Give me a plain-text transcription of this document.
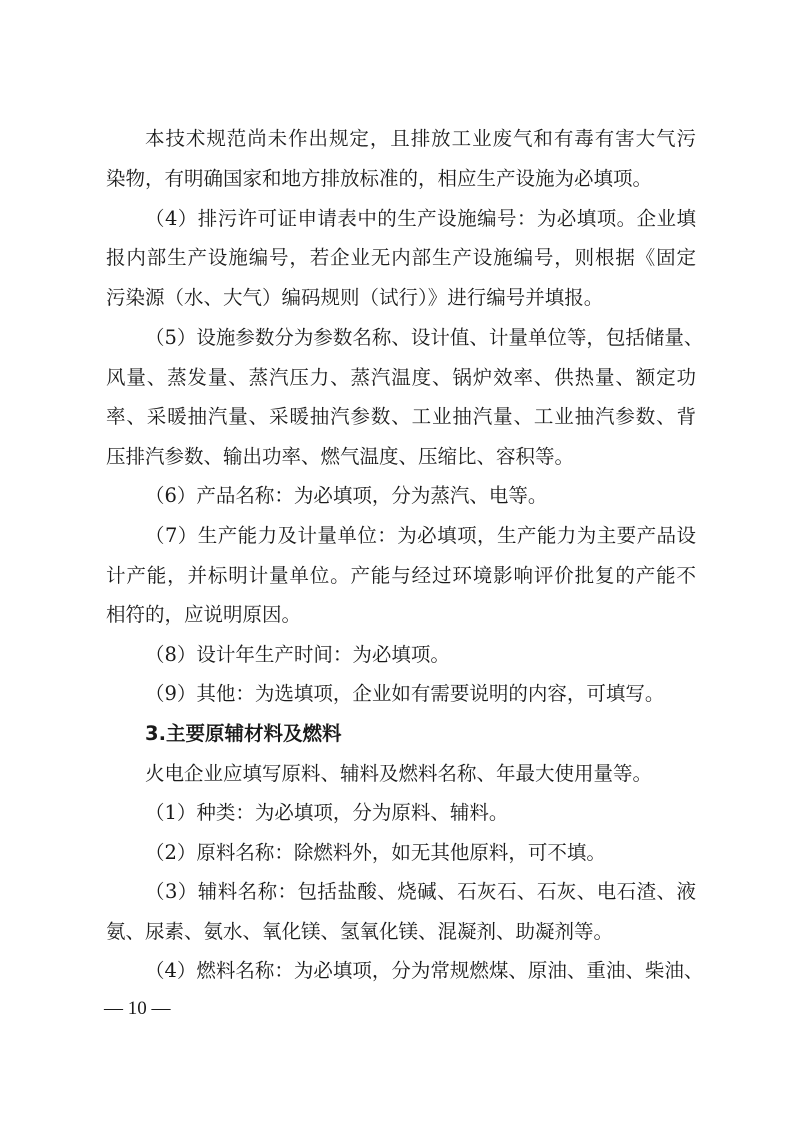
本技术规范尚未作出规定，且排放工业废气和有毒有害大气污
染物，有明确国家和地方排放标准的，相应生产设施为必填项。
（4）排污许可证申请表中的生产设施编号：为必填项。企业填
报内部生产设施编号，若企业无内部生产设施编号，则根据《固定
污染源（水、大气）编码规则（试行）》进行编号并填报。
（5）设施参数分为参数名称、设计值、计量单位等，包括储量、
风量、蒸发量、蒸汽压力、蒸汽温度、锅炉效率、供热量、额定功
率、采暖抽汽量、采暖抽汽参数、工业抽汽量、工业抽汽参数、背
压排汽参数、输出功率、燃气温度、压缩比、容积等。
（6）产品名称：为必填项，分为蒸汽、电等。
（7）生产能力及计量单位：为必填项，生产能力为主要产品设
计产能，并标明计量单位。产能与经过环境影响评价批复的产能不
相符的，应说明原因。
（8）设计年生产时间：为必填项。
（9）其他：为选填项，企业如有需要说明的内容，可填写。
3.主要原辅材料及燃料
火电企业应填写原料、辅料及燃料名称、年最大使用量等。
（1）种类：为必填项，分为原料、辅料。
（2）原料名称：除燃料外，如无其他原料，可不填。
（3）辅料名称：包括盐酸、烧碱、石灰石、石灰、电石渣、液
氨、尿素、氨水、氧化镁、氢氧化镁、混凝剂、助凝剂等。
（4）燃料名称：为必填项，分为常规燃煤、原油、重油、柴油、
— 10 —
